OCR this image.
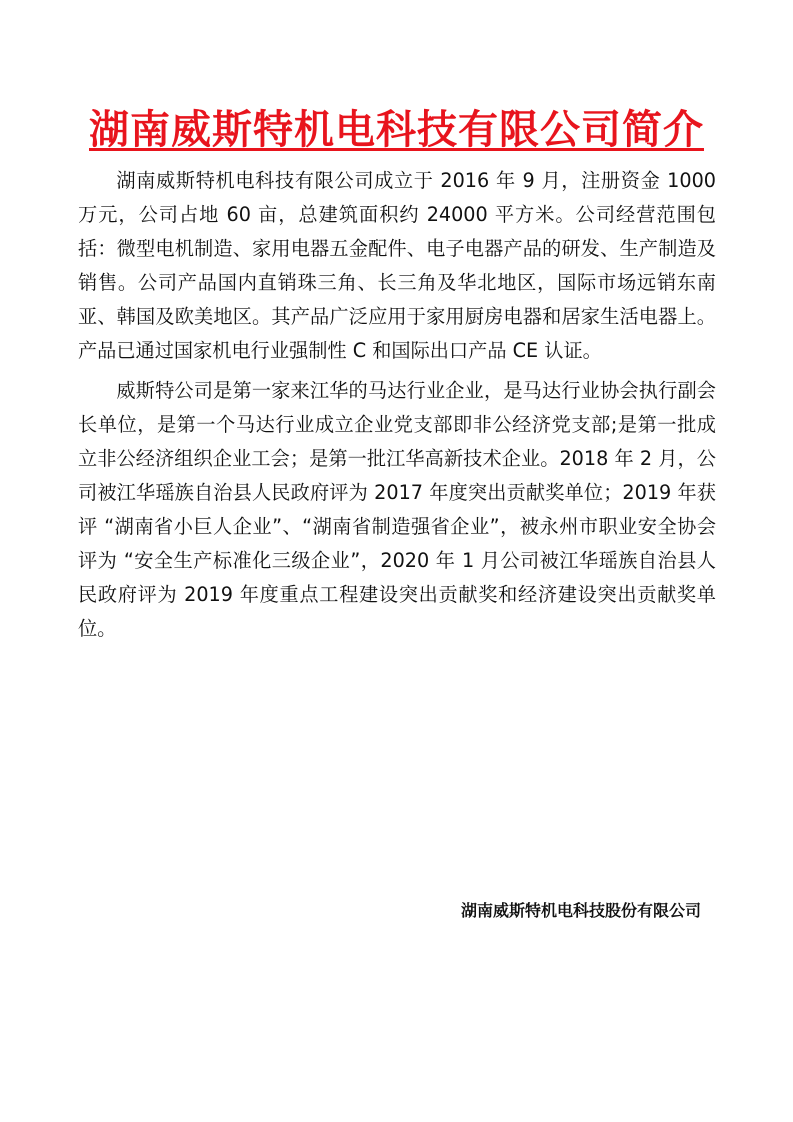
湖南威斯特机电科技有限公司简介

湖南威斯特机电科技有限公司成立于 2016 年 9 月，注册资金 1000 万元，公司占地 60 亩，总建筑面积约 24000 平方米。公司经营范围包括：微型电机制造、家用电器五金配件、电子电器产品的研发、生产制造及销售。公司产品国内直销珠三角、长三角及华北地区，国际市场远销东南亚、韩国及欧美地区。其产品广泛应用于家用厨房电器和居家生活电器上。产品已通过国家机电行业强制性 C 和国际出口产品 CE 认证。

威斯特公司是第一家来江华的马达行业企业，是马达行业协会执行副会长单位，是第一个马达行业成立企业党支部即非公经济党支部;是第一批成立非公经济组织企业工会；是第一批江华高新技术企业。2018 年 2 月，公司被江华瑶族自治县人民政府评为 2017 年度突出贡献奖单位；2019 年获评 “湖南省小巨人企业”、“湖南省制造强省企业”，被永州市职业安全协会评为 “安全生产标准化三级企业”，2020 年 1 月公司被江华瑶族自治县人民政府评为 2019 年度重点工程建设突出贡献奖和经济建设突出贡献奖单位。

湖南威斯特机电科技股份有限公司
